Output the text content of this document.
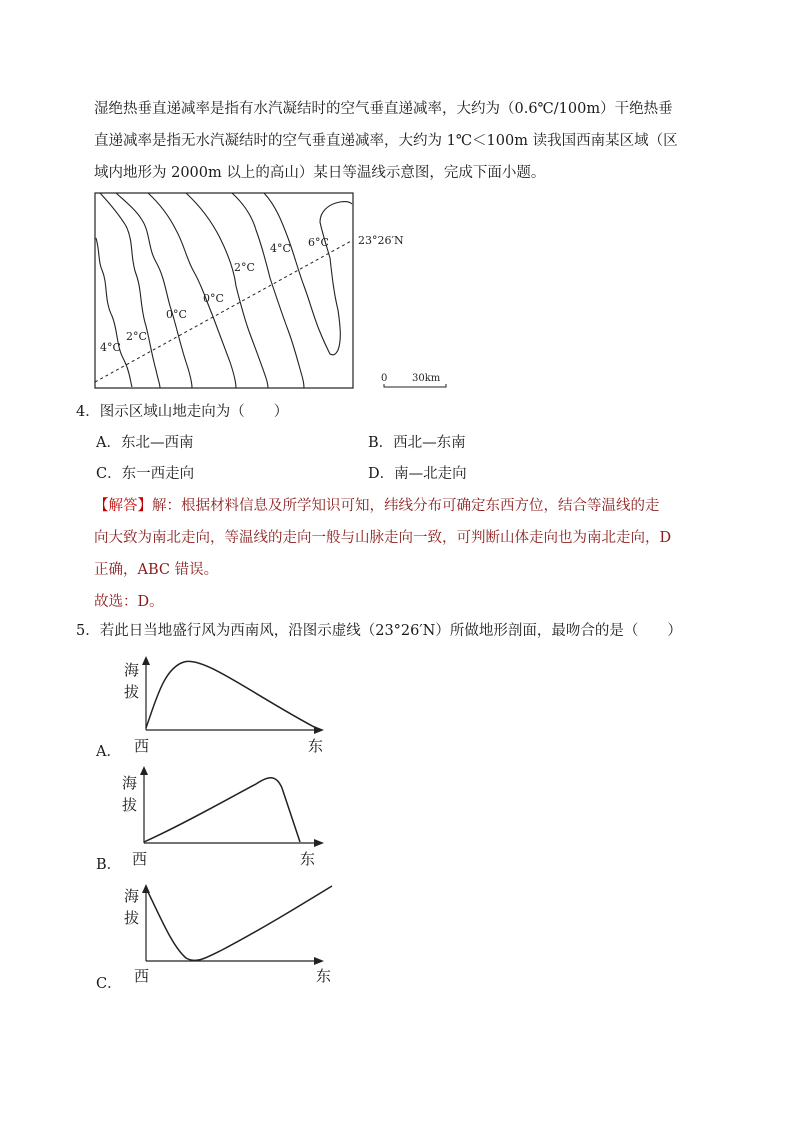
湿绝热垂直递减率是指有水汽凝结时的空气垂直递减率，大约为（0.6℃/100m）干绝热垂
直递减率是指无水汽凝结时的空气垂直递减率，大约为 1℃＜100m 读我国西南某区域（区
域内地形为 2000m 以上的高山）某日等温线示意图，完成下面小题。
4°C
2°C
0°C
0°C
2°C
4°C 6°C	23°26′N
0 30km
4．图示区域山地走向为（　　）
A．东北—西南	B．西北—东南
C．东一西走向	D．南—北走向
【解答】解：根据材料信息及所学知识可知，纬线分布可确定东西方位，结合等温线的走
向大致为南北走向，等温线的走向一般与山脉走向一致，可判断山体走向也为南北走向，D
正确，ABC 错误。
故选：D。
5．若此日当地盛行风为西南风，沿图示虚线（23°26′N）所做地形剖面，最吻合的是（　　）
海
拔
西	东
A．
海
拔
西	东
B．
海
拔
西	东
C．
